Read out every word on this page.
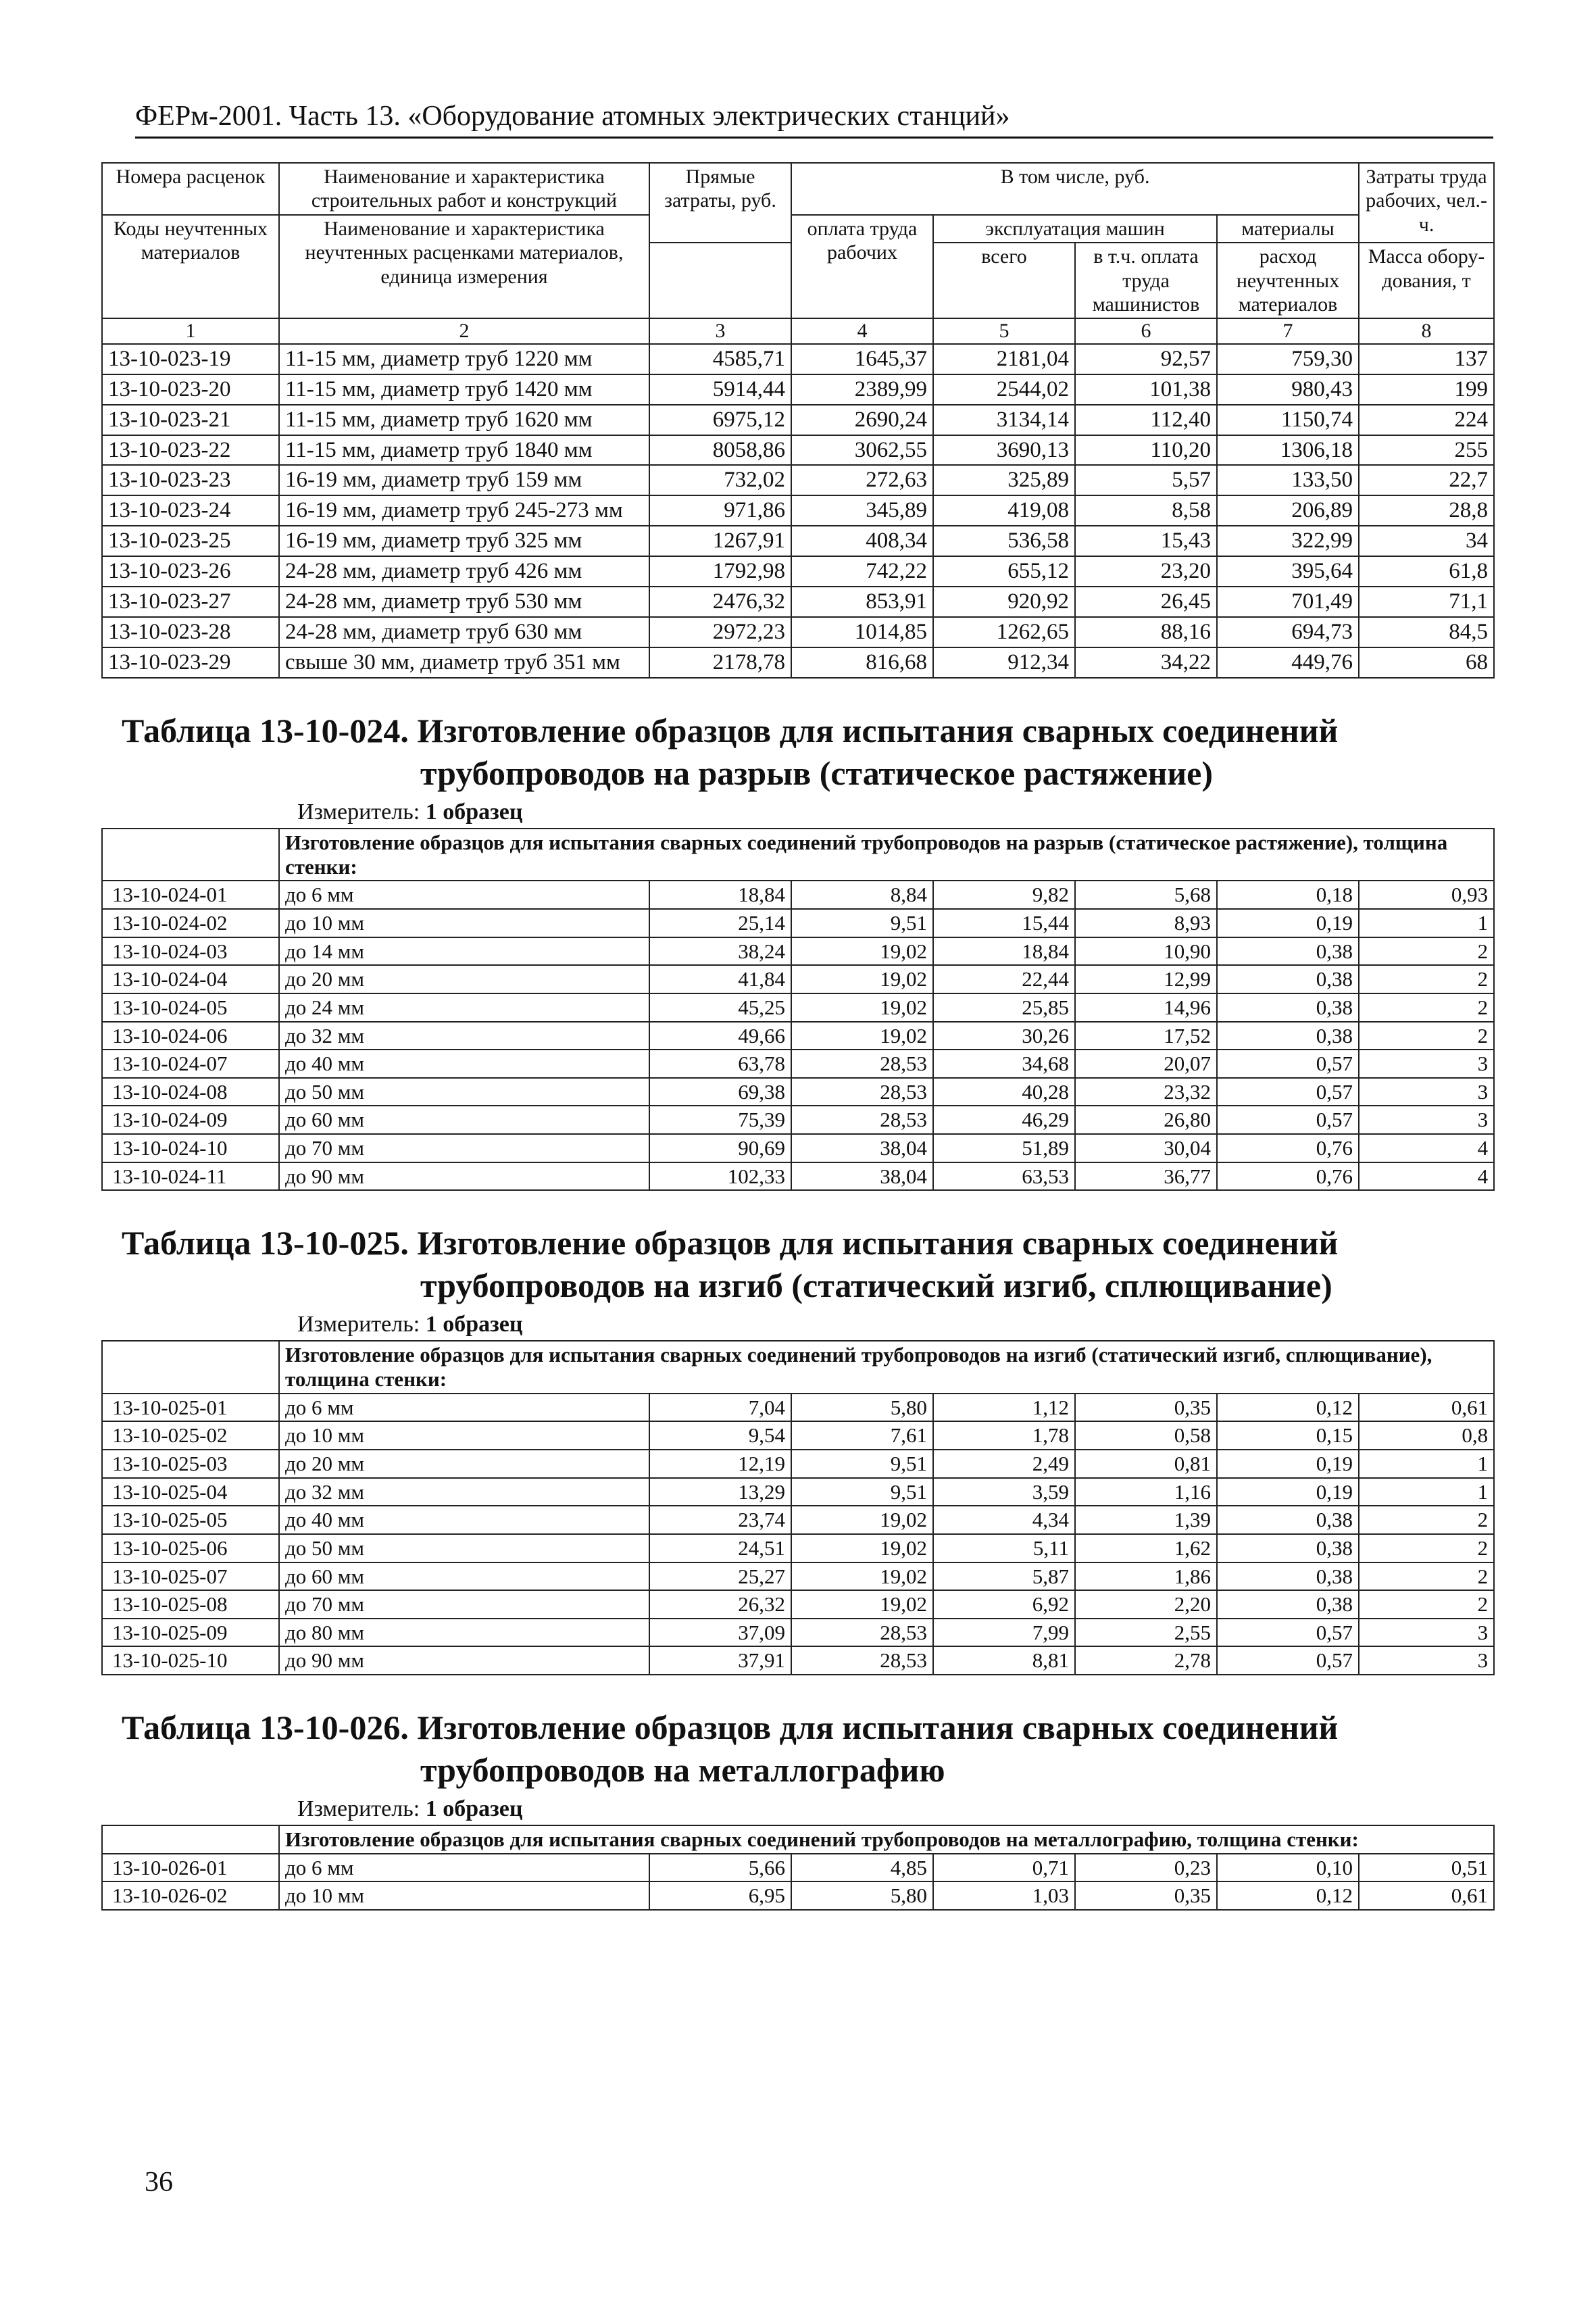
ФЕРм-2001. Часть 13. «Оборудование атомных электрических станций»
Номера расценок	Наименование и характеристика строительных работ и конструкций	Прямые затраты, руб.	В том числе, руб.				Затраты труда рабочих, чел.-ч.
Коды неучтенных материалов	Наименование и характеристика неучтенных расценками материалов, единица измерения		оплата труда рабочих	эксплуатация машин		материалы	
				всего	в т.ч. оплата труда машинистов	расход неучтенных материалов	Масса обору-дования, т

1	2	3	4	5	6	7	8
13-10-023-19	11-15 мм, диаметр труб 1220 мм	4585,71	1645,37	2181,04	92,57	759,30	137
13-10-023-20	11-15 мм, диаметр труб 1420 мм	5914,44	2389,99	2544,02	101,38	980,43	199
13-10-023-21	11-15 мм, диаметр труб 1620 мм	6975,12	2690,24	3134,14	112,40	1150,74	224
13-10-023-22	11-15 мм, диаметр труб 1840 мм	8058,86	3062,55	3690,13	110,20	1306,18	255
13-10-023-23	16-19 мм, диаметр труб 159 мм	732,02	272,63	325,89	5,57	133,50	22,7
13-10-023-24	16-19 мм, диаметр труб 245-273 мм	971,86	345,89	419,08	8,58	206,89	28,8
13-10-023-25	16-19 мм, диаметр труб 325 мм	1267,91	408,34	536,58	15,43	322,99	34
13-10-023-26	24-28 мм, диаметр труб 426 мм	1792,98	742,22	655,12	23,20	395,64	61,8
13-10-023-27	24-28 мм, диаметр труб 530 мм	2476,32	853,91	920,92	26,45	701,49	71,1
13-10-023-28	24-28 мм, диаметр труб 630 мм	2972,23	1014,85	1262,65	88,16	694,73	84,5
13-10-023-29	свыше 30 мм, диаметр труб 351 мм	2178,78	816,68	912,34	34,22	449,76	68
Таблица 13-10-024. Изготовление образцов для испытания сварных соединений
трубопроводов на разрыв (статическое растяжение)
Измеритель: 1 образец
	Изготовление образцов для испытания сварных соединений трубопроводов на разрыв (статическое растяжение), толщина стенки:						
13-10-024-01	до 6 мм	18,84	8,84	9,82	5,68	0,18	0,93
13-10-024-02	до 10 мм	25,14	9,51	15,44	8,93	0,19	1
13-10-024-03	до 14 мм	38,24	19,02	18,84	10,90	0,38	2
13-10-024-04	до 20 мм	41,84	19,02	22,44	12,99	0,38	2
13-10-024-05	до 24 мм	45,25	19,02	25,85	14,96	0,38	2
13-10-024-06	до 32 мм	49,66	19,02	30,26	17,52	0,38	2
13-10-024-07	до 40 мм	63,78	28,53	34,68	20,07	0,57	3
13-10-024-08	до 50 мм	69,38	28,53	40,28	23,32	0,57	3
13-10-024-09	до 60 мм	75,39	28,53	46,29	26,80	0,57	3
13-10-024-10	до 70 мм	90,69	38,04	51,89	30,04	0,76	4
13-10-024-11	до 90 мм	102,33	38,04	63,53	36,77	0,76	4
Таблица 13-10-025. Изготовление образцов для испытания сварных соединений
трубопроводов на изгиб (статический изгиб, сплющивание)
Измеритель: 1 образец
	Изготовление образцов для испытания сварных соединений трубопроводов на изгиб (статический изгиб, сплющивание), толщина стенки:						
13-10-025-01	до 6 мм	7,04	5,80	1,12	0,35	0,12	0,61
13-10-025-02	до 10 мм	9,54	7,61	1,78	0,58	0,15	0,8
13-10-025-03	до 20 мм	12,19	9,51	2,49	0,81	0,19	1
13-10-025-04	до 32 мм	13,29	9,51	3,59	1,16	0,19	1
13-10-025-05	до 40 мм	23,74	19,02	4,34	1,39	0,38	2
13-10-025-06	до 50 мм	24,51	19,02	5,11	1,62	0,38	2
13-10-025-07	до 60 мм	25,27	19,02	5,87	1,86	0,38	2
13-10-025-08	до 70 мм	26,32	19,02	6,92	2,20	0,38	2
13-10-025-09	до 80 мм	37,09	28,53	7,99	2,55	0,57	3
13-10-025-10	до 90 мм	37,91	28,53	8,81	2,78	0,57	3
Таблица 13-10-026. Изготовление образцов для испытания сварных соединений
трубопроводов на металлографию
Измеритель: 1 образец
	Изготовление образцов для испытания сварных соединений трубопроводов на металлографию, толщина стенки:						
13-10-026-01	до 6 мм	5,66	4,85	0,71	0,23	0,10	0,51
13-10-026-02	до 10 мм	6,95	5,80	1,03	0,35	0,12	0,61
36
